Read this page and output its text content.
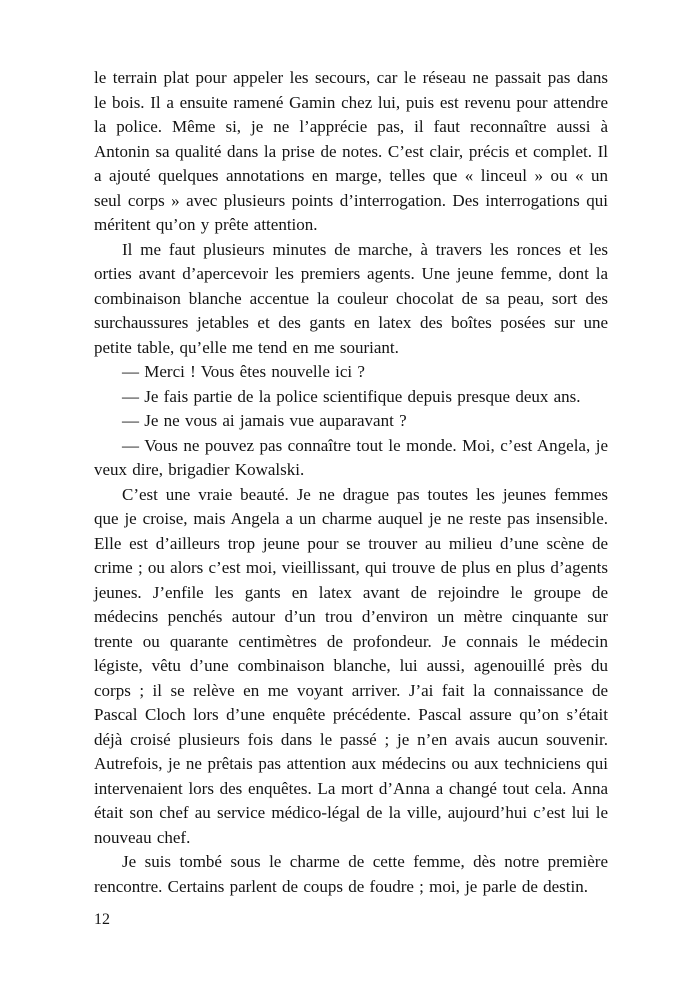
le terrain plat pour appeler les secours, car le réseau ne passait pas dans le bois. Il a ensuite ramené Gamin chez lui, puis est revenu pour attendre la police. Même si, je ne l’apprécie pas, il faut reconnaître aussi à Antonin sa qualité dans la prise de notes. C’est clair, précis et complet. Il a ajouté quelques annotations en marge, telles que « linceul » ou « un seul corps » avec plusieurs points d’interrogation. Des interrogations qui méritent qu’on y prête attention.

Il me faut plusieurs minutes de marche, à travers les ronces et les orties avant d’apercevoir les premiers agents. Une jeune femme, dont la combinaison blanche accentue la couleur chocolat de sa peau, sort des surchaussures jetables et des gants en latex des boîtes posées sur une petite table, qu’elle me tend en me souriant.

— Merci ! Vous êtes nouvelle ici ?

— Je fais partie de la police scientifique depuis presque deux ans.

— Je ne vous ai jamais vue auparavant ?

— Vous ne pouvez pas connaître tout le monde. Moi, c’est Angela, je veux dire, brigadier Kowalski.

C’est une vraie beauté. Je ne drague pas toutes les jeunes femmes que je croise, mais Angela a un charme auquel je ne reste pas insensible. Elle est d’ailleurs trop jeune pour se trouver au milieu d’une scène de crime ; ou alors c’est moi, vieillissant, qui trouve de plus en plus d’agents jeunes. J’enfile les gants en latex avant de rejoindre le groupe de médecins penchés autour d’un trou d’environ un mètre cinquante sur trente ou quarante centimètres de profondeur. Je connais le médecin légiste, vêtu d’une combinaison blanche, lui aussi, agenouillé près du corps ; il se relève en me voyant arriver. J’ai fait la connaissance de Pascal Cloch lors d’une enquête précédente. Pascal assure qu’on s’était déjà croisé plusieurs fois dans le passé ; je n’en avais aucun souvenir. Autrefois, je ne prêtais pas attention aux médecins ou aux techniciens qui intervenaient lors des enquêtes. La mort d’Anna a changé tout cela. Anna était son chef au service médico-légal de la ville, aujourd’hui c’est lui le nouveau chef.

Je suis tombé sous le charme de cette femme, dès notre première rencontre. Certains parlent de coups de foudre ; moi, je parle de destin.

12
